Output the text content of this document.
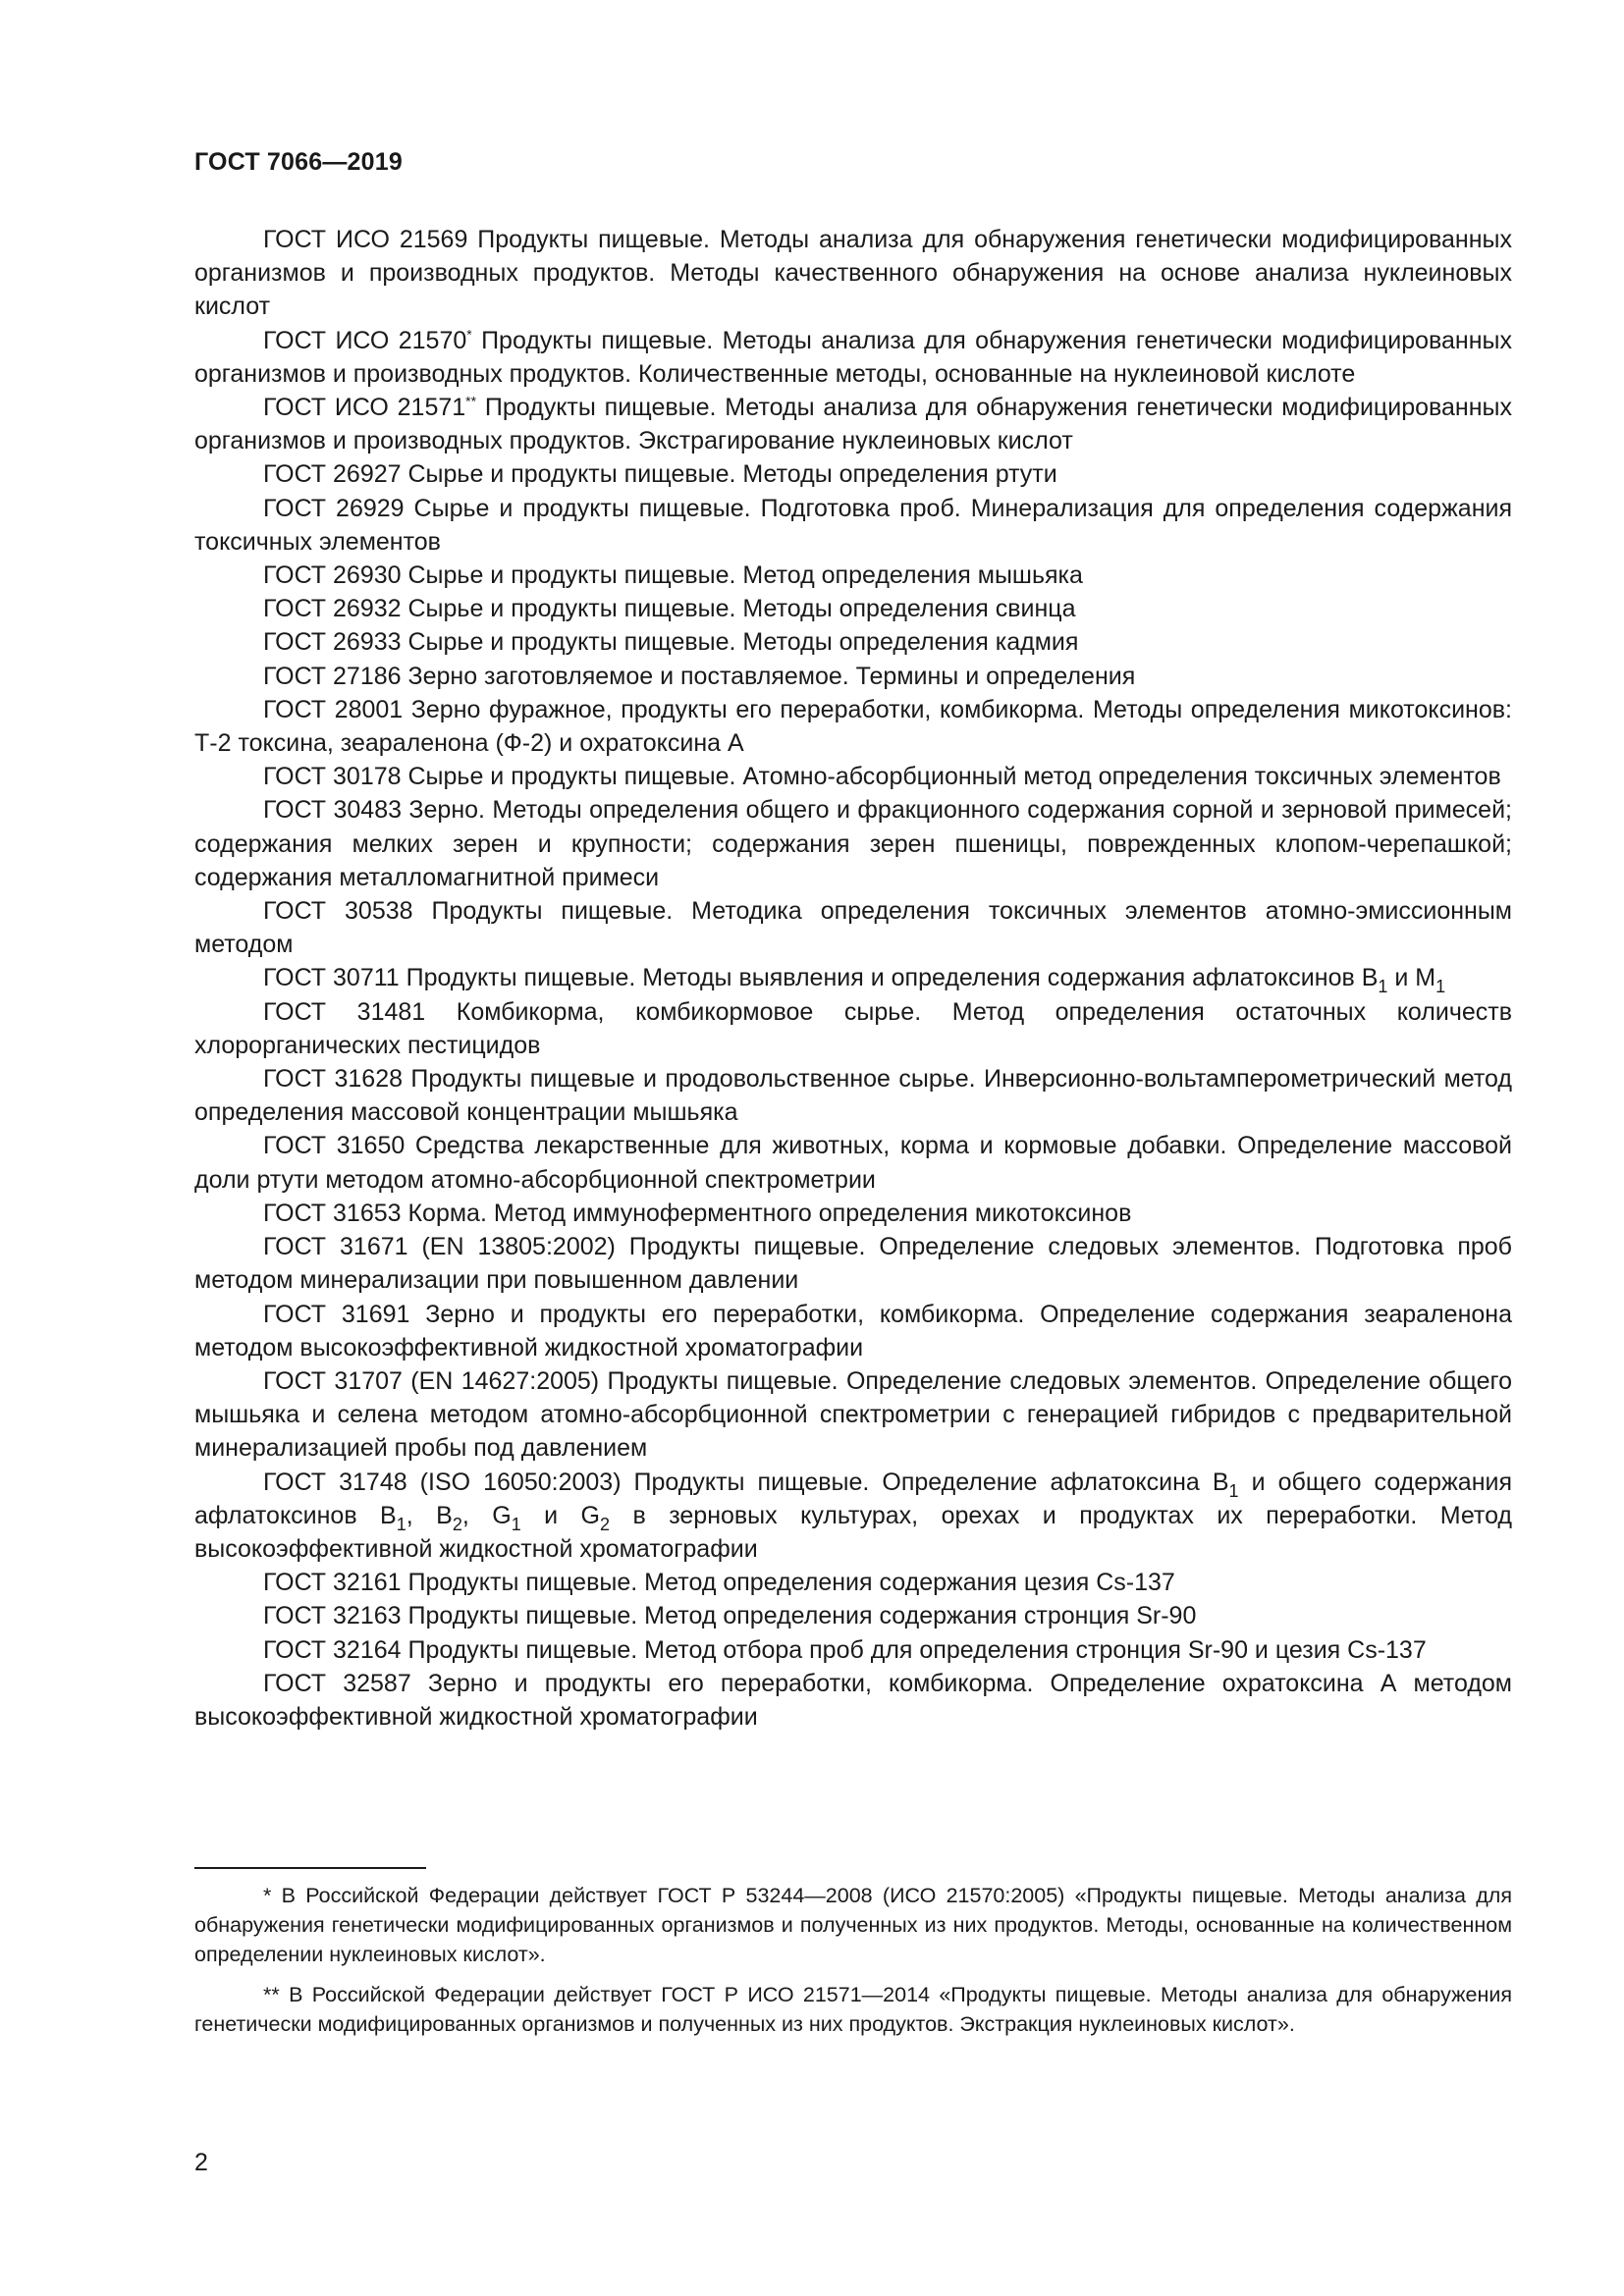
ГОСТ 7066—2019

ГОСТ ИСО 21569 Продукты пищевые. Методы анализа для обнаружения генетически модифицированных организмов и производных продуктов. Методы качественного обнаружения на основе анализа нуклеиновых кислот

ГОСТ ИСО 21570* Продукты пищевые. Методы анализа для обнаружения генетически модифицированных организмов и производных продуктов. Количественные методы, основанные на нуклеиновой кислоте

ГОСТ ИСО 21571** Продукты пищевые. Методы анализа для обнаружения генетически модифицированных организмов и производных продуктов. Экстрагирование нуклеиновых кислот

ГОСТ 26927 Сырье и продукты пищевые. Методы определения ртути

ГОСТ 26929 Сырье и продукты пищевые. Подготовка проб. Минерализация для определения содержания токсичных элементов

ГОСТ 26930 Сырье и продукты пищевые. Метод определения мышьяка

ГОСТ 26932 Сырье и продукты пищевые. Методы определения свинца

ГОСТ 26933 Сырье и продукты пищевые. Методы определения кадмия

ГОСТ 27186 Зерно заготовляемое и поставляемое. Термины и определения

ГОСТ 28001 Зерно фуражное, продукты его переработки, комбикорма. Методы определения микотоксинов: Т-2 токсина, зеараленона (Ф-2) и охратоксина А

ГОСТ 30178 Сырье и продукты пищевые. Атомно-абсорбционный метод определения токсичных элементов

ГОСТ 30483 Зерно. Методы определения общего и фракционного содержания сорной и зерновой примесей; содержания мелких зерен и крупности; содержания зерен пшеницы, поврежденных клопом-черепашкой; содержания металломагнитной примеси

ГОСТ 30538 Продукты пищевые. Методика определения токсичных элементов атомно-эмиссионным методом

ГОСТ 30711 Продукты пищевые. Методы выявления и определения содержания афлатоксинов $В_1$ и $М_1$

ГОСТ 31481 Комбикорма, комбикормовое сырье. Метод определения остаточных количеств хлорорганических пестицидов

ГОСТ 31628 Продукты пищевые и продовольственное сырье. Инверсионно-вольтамперометрический метод определения массовой концентрации мышьяка

ГОСТ 31650 Средства лекарственные для животных, корма и кормовые добавки. Определение массовой доли ртути методом атомно-абсорбционной спектрометрии

ГОСТ 31653 Корма. Метод иммуноферментного определения микотоксинов

ГОСТ 31671 (EN 13805:2002) Продукты пищевые. Определение следовых элементов. Подготовка проб методом минерализации при повышенном давлении

ГОСТ 31691 Зерно и продукты его переработки, комбикорма. Определение содержания зеараленона методом высокоэффективной жидкостной хроматографии

ГОСТ 31707 (EN 14627:2005) Продукты пищевые. Определение следовых элементов. Определение общего мышьяка и селена методом атомно-абсорбционной спектрометрии с генерацией гибридов с предварительной минерализацией пробы под давлением

ГОСТ 31748 (ISO 16050:2003) Продукты пищевые. Определение афлатоксина $В_1$ и общего содержания афлатоксинов $В_1$, $В_2$, $G_1$ и $G_2$ в зерновых культурах, орехах и продуктах их переработки. Метод высокоэффективной жидкостной хроматографии

ГОСТ 32161 Продукты пищевые. Метод определения содержания цезия Cs-137

ГОСТ 32163 Продукты пищевые. Метод определения содержания стронция Sr-90

ГОСТ 32164 Продукты пищевые. Метод отбора проб для определения стронция Sr-90 и цезия Cs-137

ГОСТ 32587 Зерно и продукты его переработки, комбикорма. Определение охратоксина А методом высокоэффективной жидкостной хроматографии

* В Российской Федерации действует ГОСТ Р 53244—2008 (ИСО 21570:2005) «Продукты пищевые. Методы анализа для обнаружения генетически модифицированных организмов и полученных из них продуктов. Методы, основанные на количественном определении нуклеиновых кислот».

** В Российской Федерации действует ГОСТ Р ИСО 21571—2014 «Продукты пищевые. Методы анализа для обнаружения генетически модифицированных организмов и полученных из них продуктов. Экстракция нуклеиновых кислот».

2
